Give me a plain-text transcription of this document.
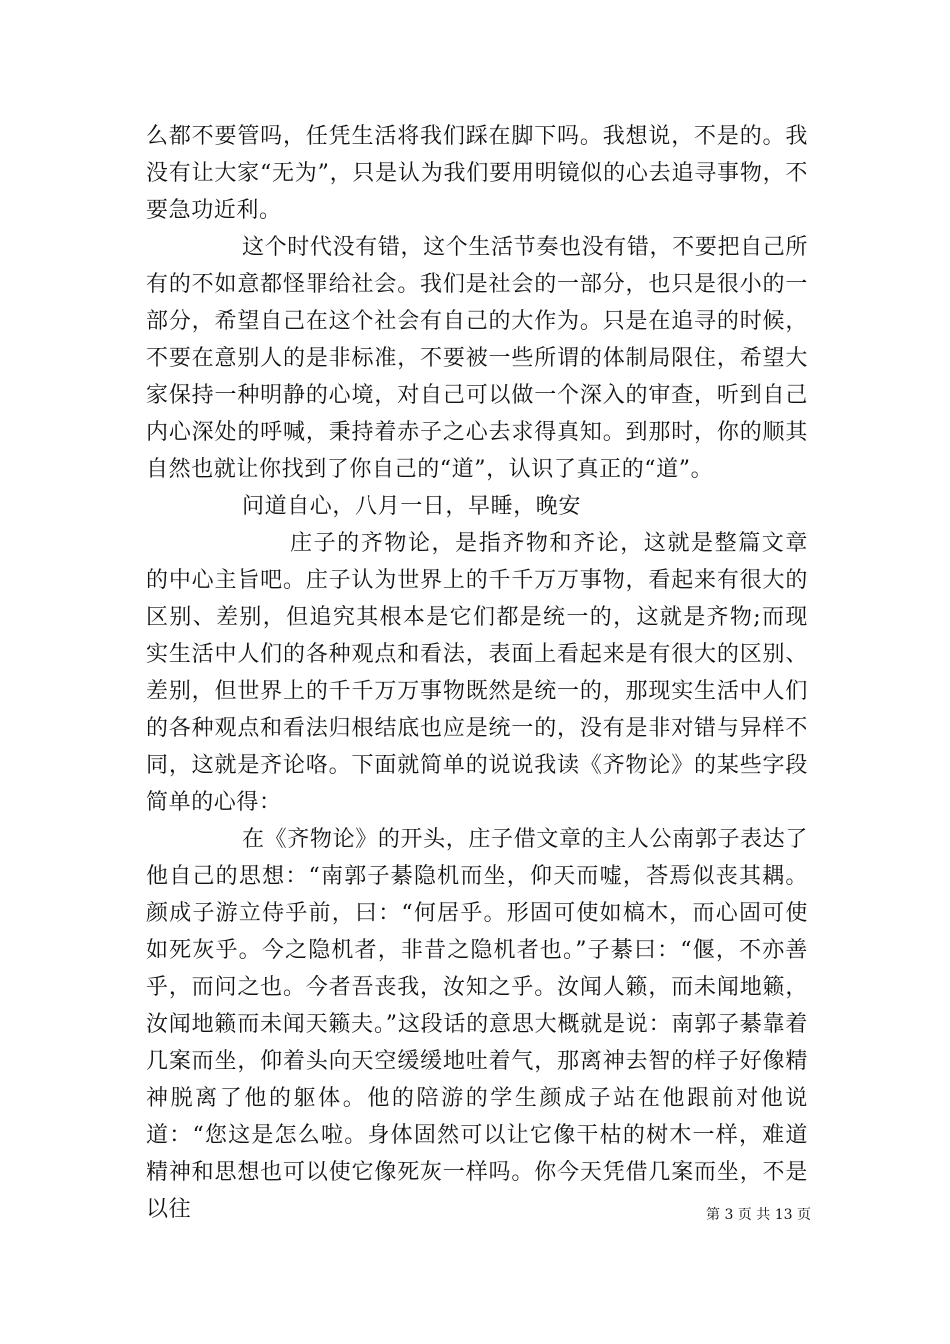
么都不要管吗，任凭生活将我们踩在脚下吗。我想说，不是的。我没有让大家“无为”，只是认为我们要用明镜似的心去追寻事物，不要急功近利。

这个时代没有错，这个生活节奏也没有错，不要把自己所有的不如意都怪罪给社会。我们是社会的一部分，也只是很小的一部分，希望自己在这个社会有自己的大作为。只是在追寻的时候，不要在意别人的是非标准，不要被一些所谓的体制局限住，希望大家保持一种明静的心境，对自己可以做一个深入的审查，听到自己内心深处的呼喊，秉持着赤子之心去求得真知。到那时，你的顺其自然也就让你找到了你自己的“道”，认识了真正的“道”。

问道自心，八月一日，早睡，晚安

庄子的齐物论，是指齐物和齐论，这就是整篇文章的中心主旨吧。庄子认为世界上的千千万万事物，看起来有很大的区别、差别，但追究其根本是它们都是统一的，这就是齐物;而现实生活中人们的各种观点和看法，表面上看起来是有很大的区别、差别，但世界上的千千万万事物既然是统一的，那现实生活中人们的各种观点和看法归根结底也应是统一的，没有是非对错与异样不同，这就是齐论咯。下面就简单的说说我读《齐物论》的某些字段简单的心得：

在《齐物论》的开头，庄子借文章的主人公南郭子表达了他自己的思想：“南郭子綦隐机而坐，仰天而嘘，荅焉似丧其耦。颜成子游立侍乎前，曰：“何居乎。形固可使如槁木，而心固可使如死灰乎。今之隐机者，非昔之隐机者也。”子綦曰：“偃，不亦善乎，而问之也。今者吾丧我，汝知之乎。汝闻人籁，而未闻地籁，汝闻地籁而未闻天籁夫。”这段话的意思大概就是说：南郭子綦靠着几案而坐，仰着头向天空缓缓地吐着气，那离神去智的样子好像精神脱离了他的躯体。他的陪游的学生颜成子站在他跟前对他说道：“您这是怎么啦。身体固然可以让它像干枯的树木一样，难道精神和思想也可以使它像死灰一样吗。你今天凭借几案而坐，不是以往	第 3 页 共 13 页
